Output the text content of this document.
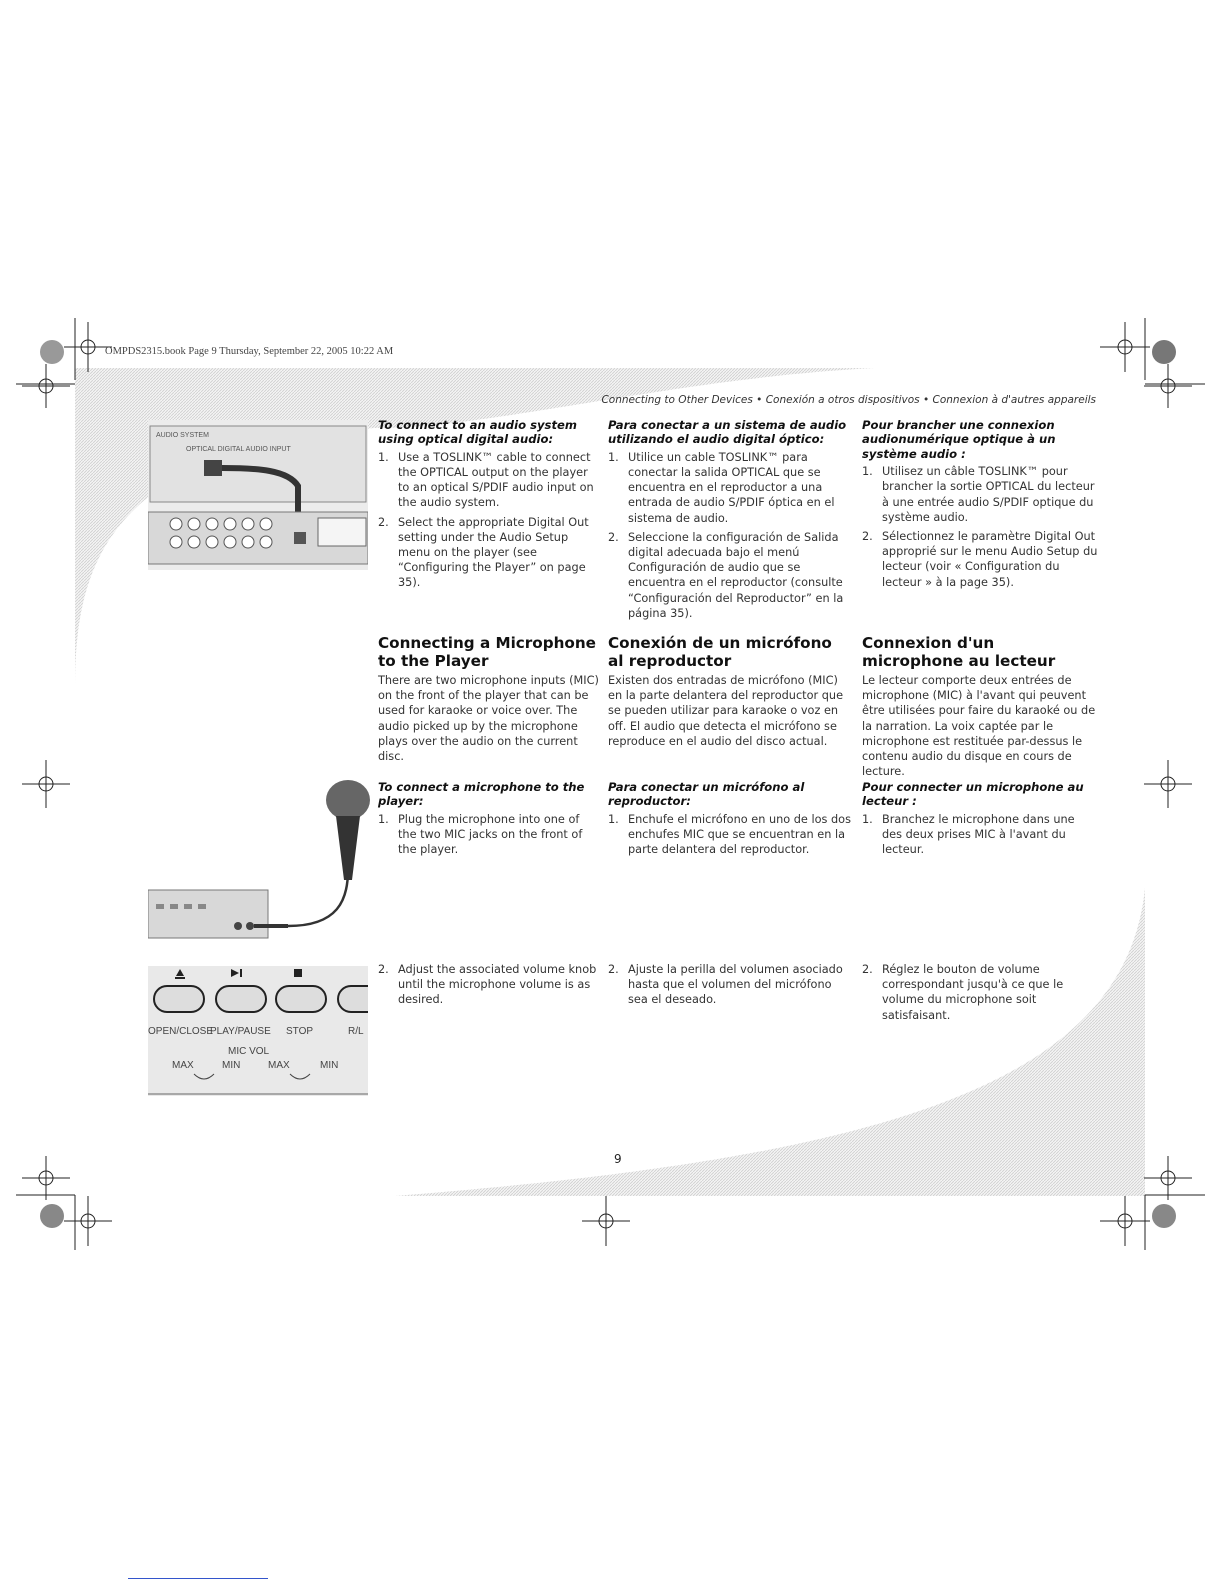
OMPDS2315.book Page 9 Thursday, September 22, 2005 10:22 AM
Connecting to Other Devices • Conexión a otros dispositivos • Connexion à d'autres appareils
AUDIO SYSTEM
OPTICAL DIGITAL AUDIO INPUT
OPEN/CLOSE
PLAY/PAUSE STOP	R/L
MIC VOL
MAX	MIN	MAX	MIN
To connect to an audio system using optical digital audio:
1. Use a TOSLINK™ cable to connect the OPTICAL output on the player to an optical S/PDIF audio input on the audio system.
2. Select the appropriate Digital Out setting under the Audio Setup menu on the player (see “Configuring the Player” on page 35).
Connecting a Microphone to the Player

There are two microphone inputs (MIC) on the front of the player that can be used for karaoke or voice over. The audio picked up by the microphone plays over the audio on the current disc.

To connect a microphone to the player:
1. Plug the microphone into one of the two MIC jacks on the front of the player.
2. Adjust the associated volume knob until the microphone volume is as desired.
Para conectar a un sistema de audio utilizando el audio digital óptico:
1. Utilice un cable TOSLINK™ para conectar la salida OPTICAL que se encuentra en el reproductor a una entrada de audio S/PDIF óptica en el sistema de audio.
2. Seleccione la configuración de Salida digital adecuada bajo el menú Configuración de audio que se encuentra en el reproductor (consulte “Configuración del Reproductor” en la página 35).
Conexión de un micrófono al reproductor

Existen dos entradas de micrófono (MIC) en la parte delantera del reproductor que se pueden utilizar para karaoke o voz en off. El audio que detecta el micrófono se reproduce en el audio del disco actual.

Para conectar un micrófono al reproductor:
1. Enchufe el micrófono en uno de los dos enchufes MIC que se encuentran en la parte delantera del reproductor.
2. Ajuste la perilla del volumen asociado hasta que el volumen del micrófono sea el deseado.
Pour brancher une connexion audionumérique optique à un système audio :
1. Utilisez un câble TOSLINK™ pour brancher la sortie OPTICAL du lecteur à une entrée audio S/PDIF optique du système audio.
2. Sélectionnez le paramètre Digital Out approprié sur le menu Audio Setup du lecteur (voir « Configuration du lecteur » à la page 35).
Connexion d'un microphone au lecteur

Le lecteur comporte deux entrées de microphone (MIC) à l'avant qui peuvent être utilisées pour faire du karaoké ou de la narration. La voix captée par le microphone est restituée par-dessus le contenu audio du disque en cours de lecture.

Pour connecter un microphone au lecteur :
1. Branchez le microphone dans une des deux prises MIC à l'avant du lecteur.
2. Réglez le bouton de volume correspondant jusqu'à ce que le volume du microphone soit satisfaisant.
9
